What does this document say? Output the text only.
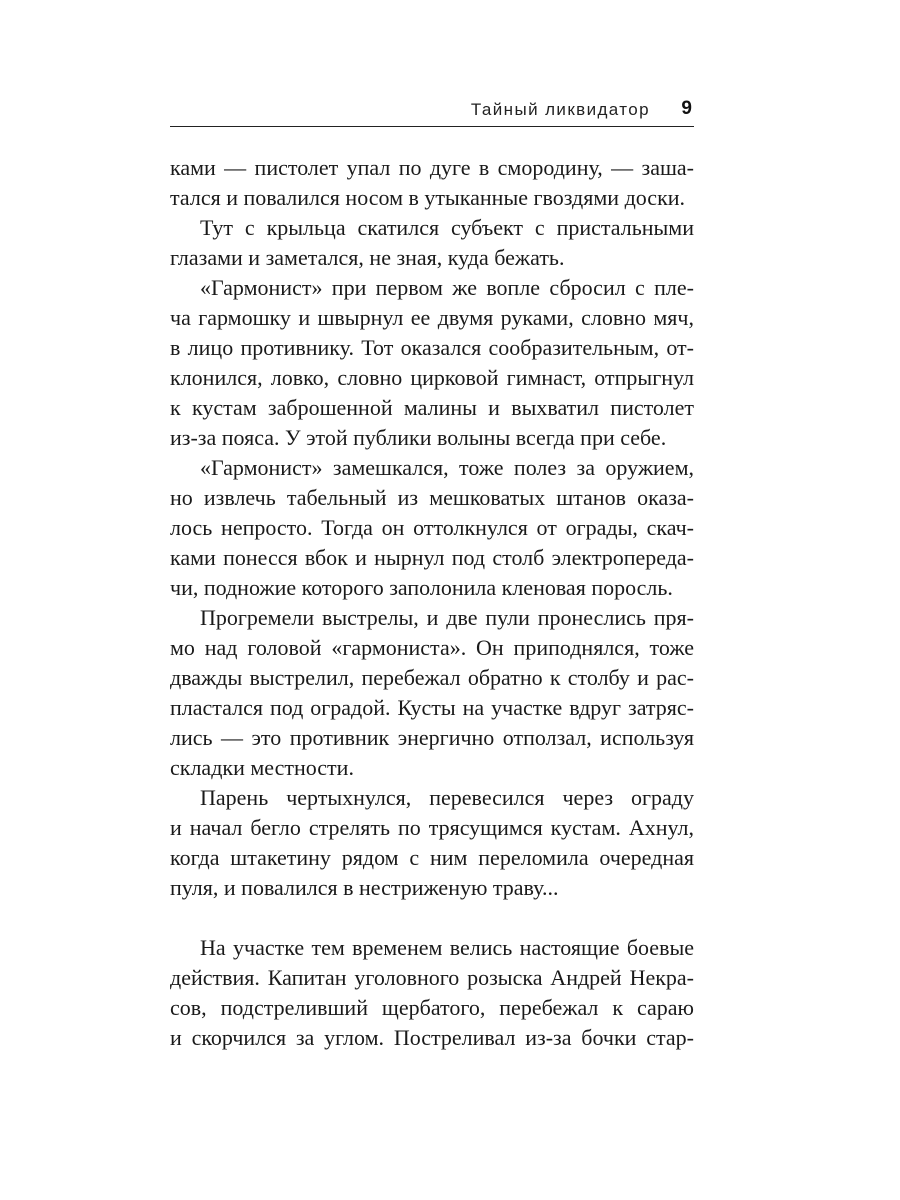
Тайный ликвидатор 9
ками — пистолет упал по дуге в смородину, — заша-
тался и повалился носом в утыканные гвоздями доски.
Тут с крыльца скатился субъект с пристальными
глазами и заметался, не зная, куда бежать.
«Гармонист» при первом же вопле сбросил с пле-
ча гармошку и швырнул ее двумя руками, словно мяч,
в лицо противнику. Тот оказался сообразительным, от-
клонился, ловко, словно цирковой гимнаст, отпрыгнул
к кустам заброшенной малины и выхватил пистолет
из-за пояса. У этой публики волыны всегда при себе.
«Гармонист» замешкался, тоже полез за оружием,
но извлечь табельный из мешковатых штанов оказа-
лось непросто. Тогда он оттолкнулся от ограды, скач-
ками понесся вбок и нырнул под столб электропереда-
чи, подножие которого заполонила кленовая поросль.
Прогремели выстрелы, и две пули пронеслись пря-
мо над головой «гармониста». Он приподнялся, тоже
дважды выстрелил, перебежал обратно к столбу и рас-
пластался под оградой. Кусты на участке вдруг затряс-
лись — это противник энергично отползал, используя
складки местности.
Парень чертыхнулся, перевесился через ограду
и начал бегло стрелять по трясущимся кустам. Ахнул,
когда штакетину рядом с ним переломила очередная
пуля, и повалился в нестриженую траву...
На участке тем временем велись настоящие боевые
действия. Капитан уголовного розыска Андрей Некра-
сов, подстреливший щербатого, перебежал к сараю
и скорчился за углом. Постреливал из-за бочки стар-
